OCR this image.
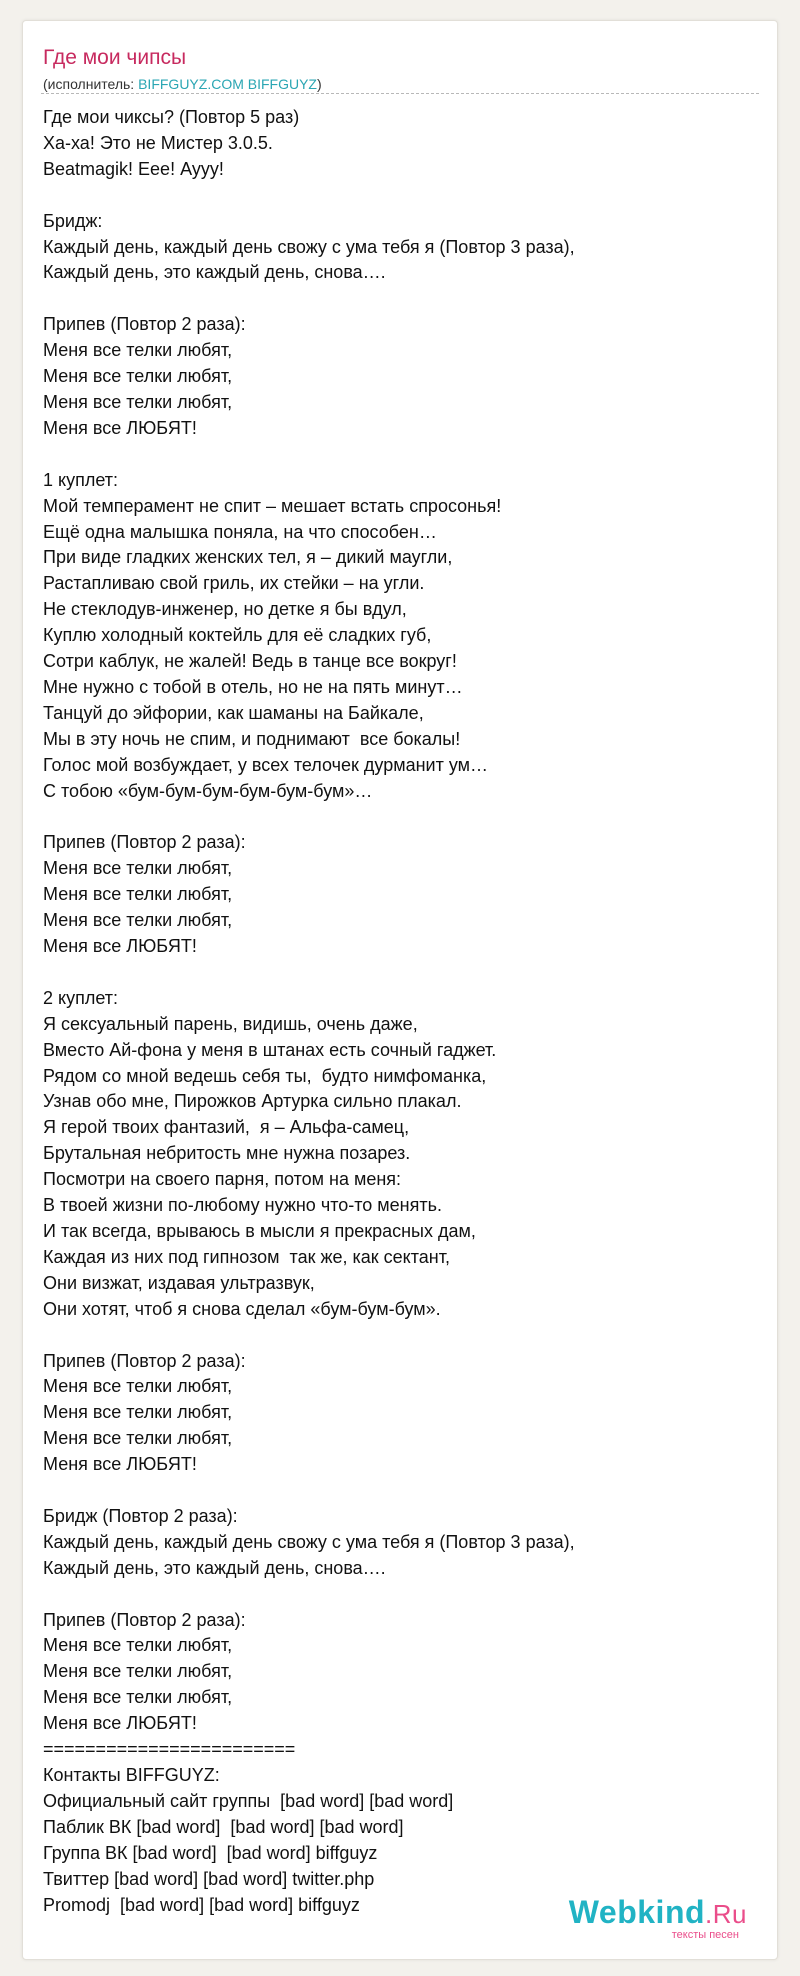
Где мои чипсы
(исполнитель: BIFFGUYZ.COM BIFFGUYZ)
Где мои чиксы? (Повтор 5 раз)
Ха-ха! Это не Мистер 3.0.5.
Beatmagik! Еее! Аууу!

Бридж:
Каждый день, каждый день свожу с ума тебя я (Повтор 3 раза),
Каждый день, это каждый день, снова….

Припев (Повтор 2 раза):
Меня все телки любят,
Меня все телки любят,
Меня все телки любят,
Меня все ЛЮБЯТ!

1 куплет:
Мой темперамент не спит – мешает встать спросонья!
Ещё одна малышка поняла, на что способен…
При виде гладких женских тел, я – дикий маугли,
Растапливаю свой гриль, их стейки – на угли.
Не стеклодув-инженер, но детке я бы вдул,
Куплю холодный коктейль для её сладких губ,
Сотри каблук, не жалей! Ведь в танце все вокруг!
Мне нужно с тобой в отель, но не на пять минут…
Танцуй до эйфории, как шаманы на Байкале,
Мы в эту ночь не спим, и поднимают  все бокалы!
Голос мой возбуждает, у всех телочек дурманит ум…
С тобою «бум-бум-бум-бум-бум-бум»…

Припев (Повтор 2 раза):
Меня все телки любят,
Меня все телки любят,
Меня все телки любят,
Меня все ЛЮБЯТ!

2 куплет:
Я сексуальный парень, видишь, очень даже,
Вместо Ай-фона у меня в штанах есть сочный гаджет.
Рядом со мной ведешь себя ты,  будто нимфоманка,
Узнав обо мне, Пирожков Артурка сильно плакал.
Я герой твоих фантазий,  я – Альфа-самец,
Брутальная небритость мне нужна позарез.
Посмотри на своего парня, потом на меня:
В твоей жизни по-любому нужно что-то менять.
И так всегда, врываюсь в мысли я прекрасных дам,
Каждая из них под гипнозом  так же, как сектант,
Они визжат, издавая ультразвук,
Они хотят, чтоб я снова сделал «бум-бум-бум».

Припев (Повтор 2 раза):
Меня все телки любят,
Меня все телки любят,
Меня все телки любят,
Меня все ЛЮБЯТ!

Бридж (Повтор 2 раза):
Каждый день, каждый день свожу с ума тебя я (Повтор 3 раза),
Каждый день, это каждый день, снова….

Припев (Повтор 2 раза):
Меня все телки любят,
Меня все телки любят,
Меня все телки любят,
Меня все ЛЮБЯТ!
========================
Контакты BIFFGUYZ:
Официальный сайт группы  [bad word] [bad word]
Паблик ВК [bad word]  [bad word] [bad word]
Группа ВК [bad word]  [bad word] biffguyz
Твиттер [bad word] [bad word] twitter.php
Promodj  [bad word] [bad word] biffguyz	Webkind.Ru
тексты песен
